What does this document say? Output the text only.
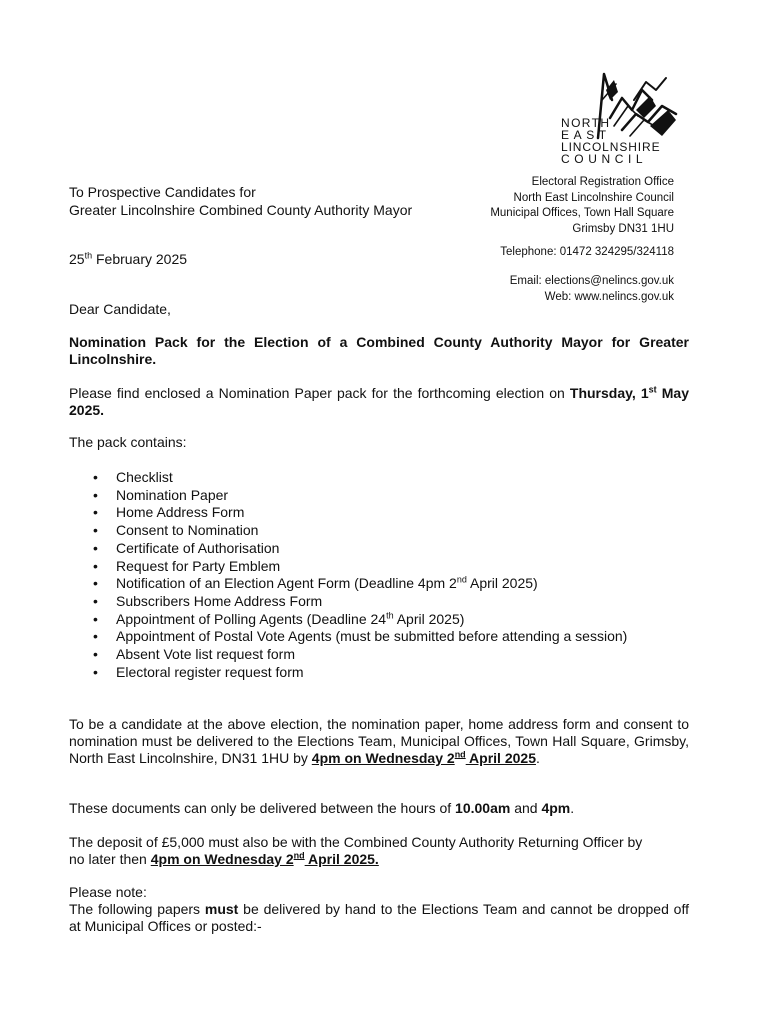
NORTH
EAST
LINCOLNSHIRE
COUNCIL
To Prospective Candidates for
Greater Lincolnshire Combined County Authority Mayor
Electoral Registration Office
North East Lincolnshire Council
Municipal Offices, Town Hall Square
Grimsby DN31 1HU
Telephone: 01472 324295/324118
Email: elections@nelincs.gov.uk
Web: www.nelincs.gov.uk
25th February 2025
Dear Candidate,
Nomination Pack for the Election of a Combined County Authority Mayor for Greater Lincolnshire.
Please find enclosed a Nomination Paper pack for the forthcoming election on Thursday, 1st May 2025.
The pack contains:
• Checklist
• Nomination Paper
• Home Address Form
• Consent to Nomination
• Certificate of Authorisation
• Request for Party Emblem
• Notification of an Election Agent Form (Deadline 4pm 2nd April 2025)
• Subscribers Home Address Form
• Appointment of Polling Agents (Deadline 24th April 2025)
• Appointment of Postal Vote Agents (must be submitted before attending a session)
• Absent Vote list request form
• Electoral register request form
To be a candidate at the above election, the nomination paper, home address form and consent to nomination must be delivered to the Elections Team, Municipal Offices, Town Hall Square, Grimsby, North East Lincolnshire, DN31 1HU by 4pm on Wednesday 2nd April 2025.
These documents can only be delivered between the hours of 10.00am and 4pm.
The deposit of £5,000 must also be with the Combined County Authority Returning Officer by no later then 4pm on Wednesday 2nd April 2025.
Please note:
The following papers must be delivered by hand to the Elections Team and cannot be dropped off at Municipal Offices or posted:-
